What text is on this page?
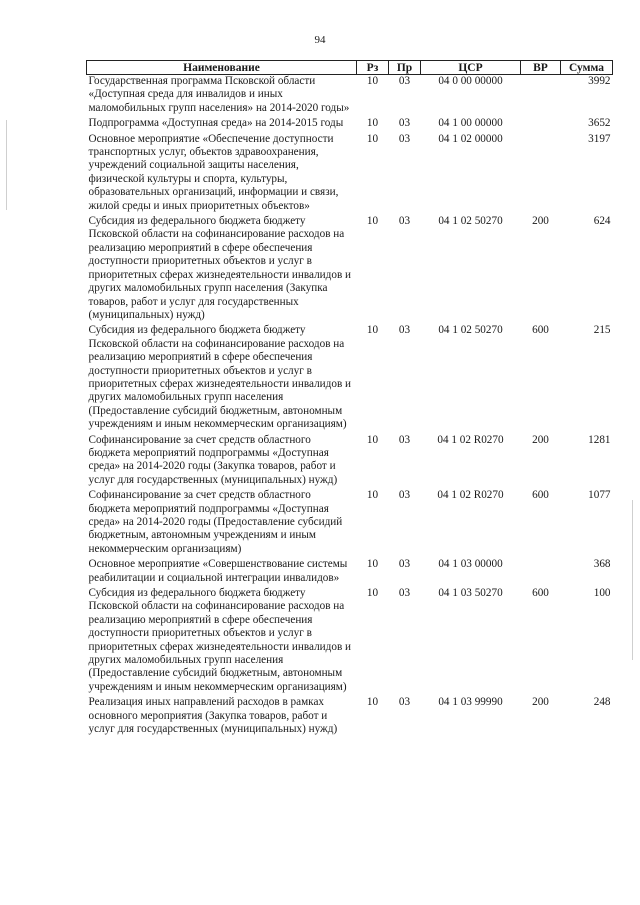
94
Наименование	Рз	Пр	ЦСР	ВР	Сумма
Государственная программа Псковской области «Доступная среда для инвалидов и иных маломобильных групп населения» на 2014-2020 годы»	10	03	04 0 00 00000		3992
Подпрограмма «Доступная среда» на 2014-2015 годы	10	03	04 1 00 00000		3652
Основное мероприятие «Обеспечение доступности транспортных услуг, объектов здравоохранения, учреждений социальной защиты населения, физической культуры и спорта, культуры, образовательных организаций, информации и связи, жилой среды и иных приоритетных объектов»	10	03	04 1 02 00000		3197
Субсидия из федерального бюджета бюджету Псковской области на софинансирование расходов на реализацию мероприятий в сфере обеспечения доступности приоритетных объектов и услуг в приоритетных сферах жизнедеятельности инвалидов и других маломобильных групп населения (Закупка товаров, работ и услуг для государственных (муниципальных) нужд)	10	03	04 1 02 50270	200	624
Субсидия из федерального бюджета бюджету Псковской области на софинансирование расходов на реализацию мероприятий в сфере обеспечения доступности приоритетных объектов и услуг в приоритетных сферах жизнедеятельности инвалидов и других маломобильных групп населения (Предоставление субсидий бюджетным, автономным учреждениям и иным некоммерческим организациям)	10	03	04 1 02 50270	600	215
Софинансирование за счет средств областного бюджета мероприятий подпрограммы «Доступная среда» на 2014-2020 годы (Закупка товаров, работ и услуг для государственных (муниципальных) нужд)	10	03	04 1 02 R0270	200	1281
Софинансирование за счет средств областного бюджета мероприятий подпрограммы «Доступная среда» на 2014-2020 годы (Предоставление субсидий бюджетным, автономным учреждениям и иным некоммерческим организациям)	10	03	04 1 02 R0270	600	1077
Основное мероприятие «Совершенствование системы реабилитации и социальной интеграции инвалидов»	10	03	04 1 03 00000		368
Субсидия из федерального бюджета бюджету Псковской области на софинансирование расходов на реализацию мероприятий в сфере обеспечения доступности приоритетных объектов и услуг в приоритетных сферах жизнедеятельности инвалидов и других маломобильных групп населения (Предоставление субсидий бюджетным, автономным учреждениям и иным некоммерческим организациям)	10	03	04 1 03 50270	600	100
Реализация иных направлений расходов в рамках основного мероприятия (Закупка товаров, работ и услуг для государственных (муниципальных) нужд)	10	03	04 1 03 99990	200	248
